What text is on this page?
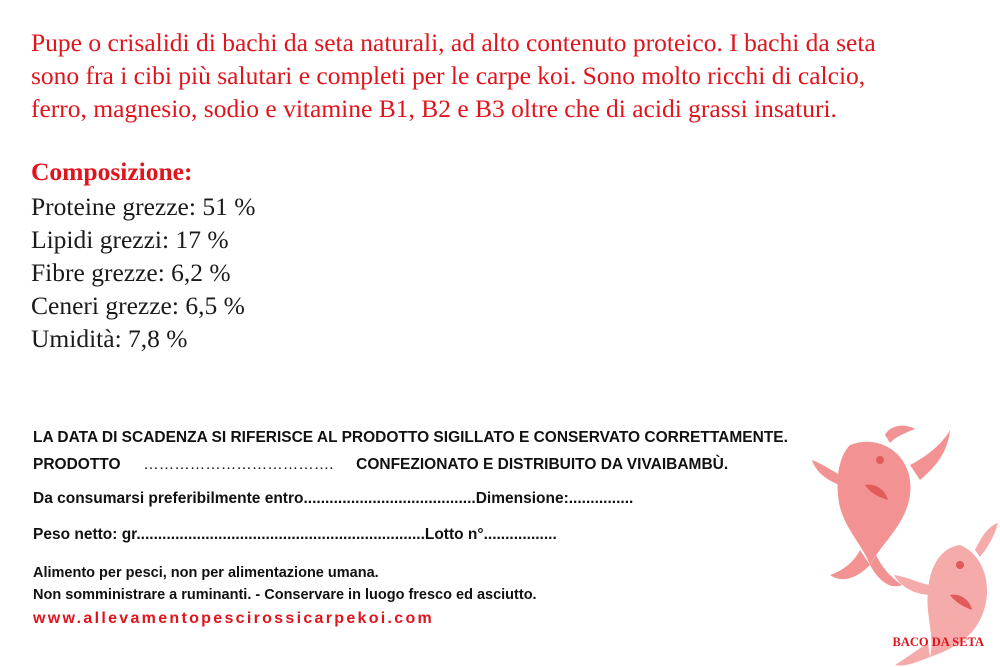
Pupe o crisalidi di bachi da seta naturali, ad alto contenuto proteico. I bachi da seta

sono fra i cibi più salutari e completi per le carpe koi. Sono molto ricchi di calcio,

ferro, magnesio, sodio e vitamine B1, B2 e B3 oltre che di acidi grassi insaturi.

Composizione:
Proteine grezze: 51 %
Lipidi grezzi: 17 %
Fibre grezze: 6,2 %
Ceneri grezze: 6,5 %
Umidità: 7,8 %
LA DATA DI SCADENZA SI RIFERISCE AL PRODOTTO SIGILLATO E CONSERVATO CORRETTAMENTE.
PRODOTTO ………………………………. CONFEZIONATO E DISTRIBUITO DA VIVAIBAMBÙ.
Da consumarsi preferibilmente entro........................................Dimensione:...............
Peso netto: gr...................................................................Lotto n°.................
Alimento per pesci, non per alimentazione umana.
Non somministrare a ruminanti. - Conservare in luogo fresco ed asciutto.
www.allevamentopescirossicarpekoi.com
BACO DA SETA
